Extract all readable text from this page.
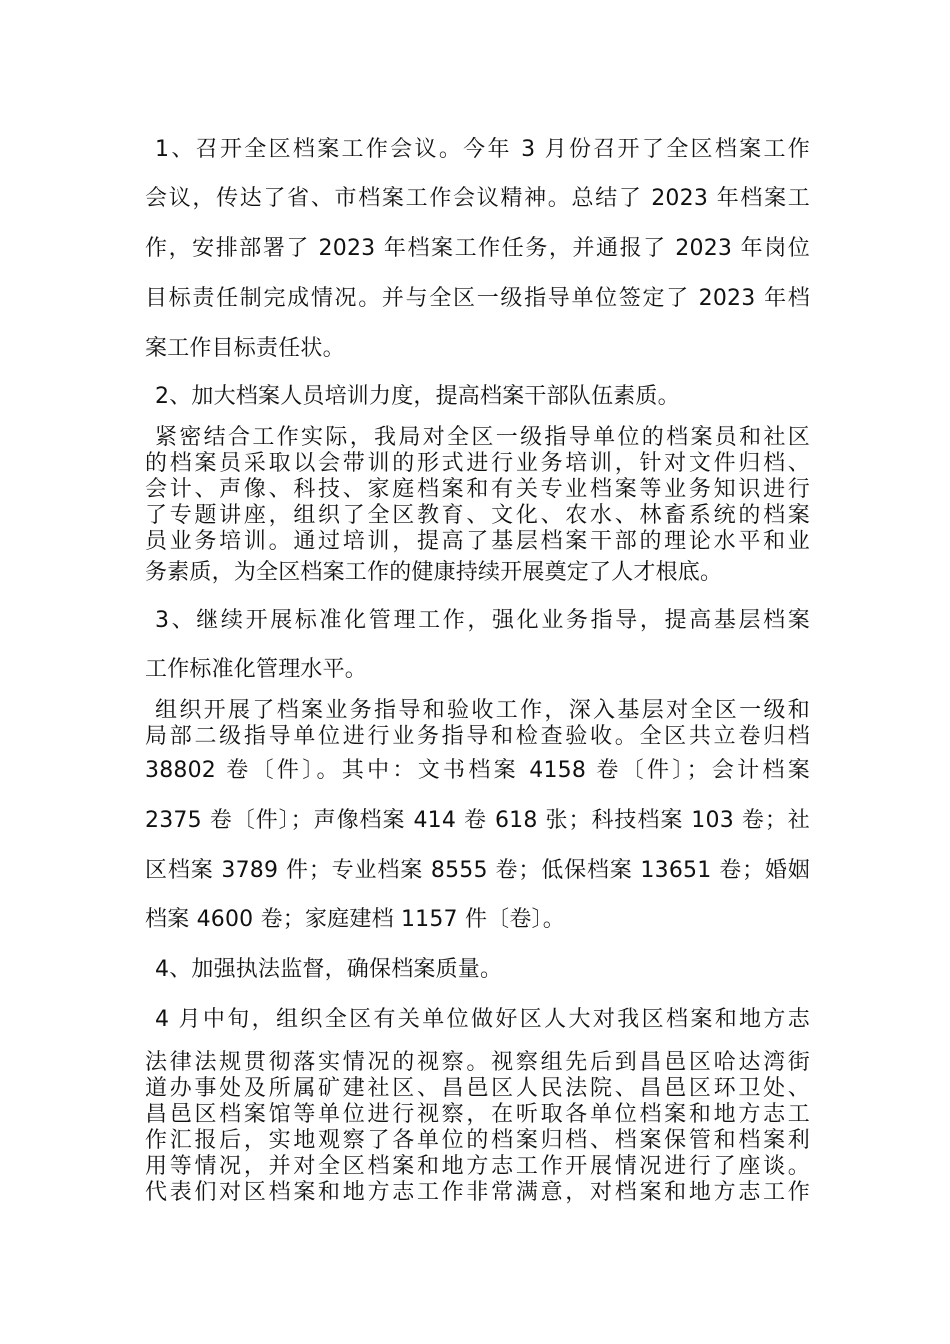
1、召开全区档案工作会议。今年 3 月份召开了全区档案工作
会议，传达了省、市档案工作会议精神。总结了 2023 年档案工
作，安排部署了 2023 年档案工作任务，并通报了 2023 年岗位
目标责任制完成情况。并与全区一级指导单位签定了 2023 年档
案工作目标责任状。
2、加大档案人员培训力度，提高档案干部队伍素质。
紧密结合工作实际，我局对全区一级指导单位的档案员和社区
的档案员采取以会带训的形式进行业务培训，针对文件归档、
会计、声像、科技、家庭档案和有关专业档案等业务知识进行
了专题讲座，组织了全区教育、文化、农水、林畜系统的档案
员业务培训。通过培训，提高了基层档案干部的理论水平和业
务素质，为全区档案工作的健康持续开展奠定了人才根底。
3、继续开展标准化管理工作，强化业务指导，提高基层档案
工作标准化管理水平。
组织开展了档案业务指导和验收工作，深入基层对全区一级和
局部二级指导单位进行业务指导和检查验收。全区共立卷归档
38802 卷〔件〕。其中：文书档案 4158 卷〔件〕；会计档案
2375 卷〔件〕；声像档案 414 卷 618 张；科技档案 103 卷；社
区档案 3789 件；专业档案 8555 卷；低保档案 13651 卷；婚姻
档案 4600 卷；家庭建档 1157 件〔卷〕。
4、加强执法监督，确保档案质量。
4 月中旬，组织全区有关单位做好区人大对我区档案和地方志
法律法规贯彻落实情况的视察。视察组先后到昌邑区哈达湾街
道办事处及所属矿建社区、昌邑区人民法院、昌邑区环卫处、
昌邑区档案馆等单位进行视察，在听取各单位档案和地方志工
作汇报后，实地观察了各单位的档案归档、档案保管和档案利
用等情况，并对全区档案和地方志工作开展情况进行了座谈。
代表们对区档案和地方志工作非常满意，对档案和地方志工作
